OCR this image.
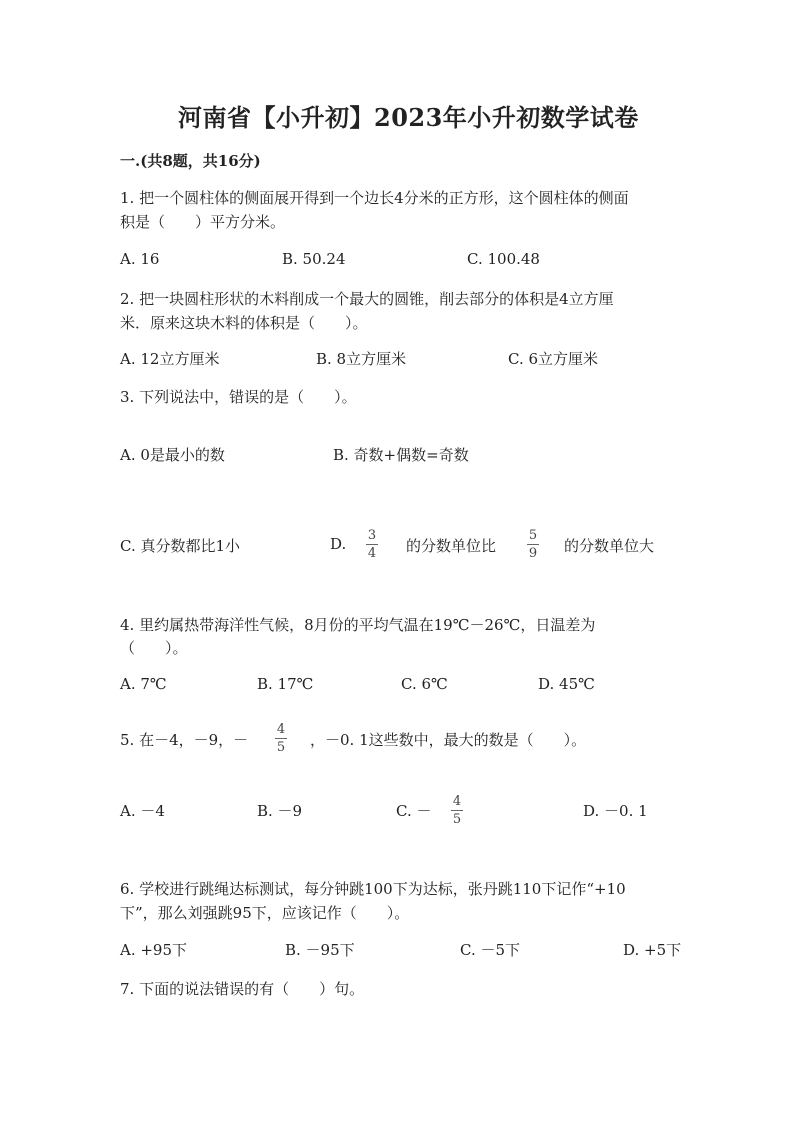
河南省【小升初】2023年小升初数学试卷
一.(共8题，共16分)
1. 把一个圆柱体的侧面展开得到一个边长4分米的正方形，这个圆柱体的侧面
积是（　　）平方分米。
A. 16	B. 50.24	C. 100.48
2. 把一块圆柱形状的木料削成一个最大的圆锥，削去部分的体积是4立方厘
米．原来这块木料的体积是（　　）。
A. 12立方厘米	B. 8立方厘米	C. 6立方厘米
3. 下列说法中，错误的是（　　）。
A. 0是最小的数	B. 奇数+偶数=奇数
C. 真分数都比1小	D. 3
4 的分数单位比
5
9 的分数单位大
4. 里约属热带海洋性气候，8月份的平均气温在19℃－26℃，日温差为
（　　）。
A. 7℃	B. 17℃	C. 6℃	D. 45℃
5. 在－4，－9，－
4
5 ，－0. 1这些数中，最大的数是（　　）。
A. －4	B. －9	C. －
4
5	D. －0. 1
6. 学校进行跳绳达标测试，每分钟跳100下为达标，张丹跳110下记作“+10
下”，那么刘强跳95下，应该记作（　　）。
A. +95下	B. －95下	C. －5下	D. +5下
7. 下面的说法错误的有（　　）句。
